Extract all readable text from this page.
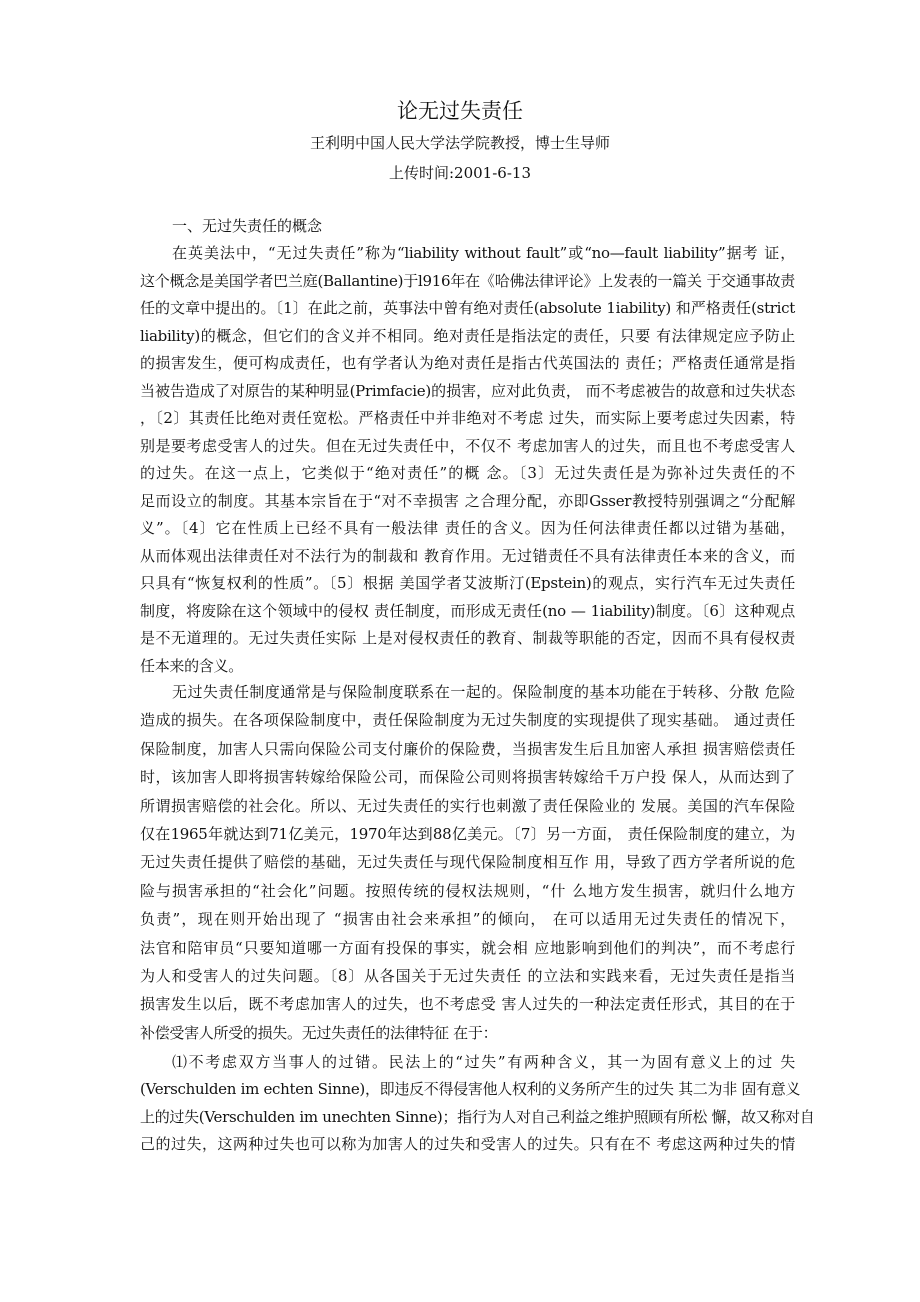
论无过失责任
王利明中国人民大学法学院教授，博士生导师
上传时间:2001-6-13
一、无过失责任的概念
在英美法中，“无过失责任”称为“liability without fault”或“no—fault liability”据考 证，
这个概念是美国学者巴兰庭(Ballantine)于l916年在《哈佛法律评论》上发表的一篇关 于交通事故责
任的文章中提出的。〔1〕在此之前，英事法中曾有绝对责任(absolute 1iability) 和严格责任(strict
liability)的概念，但它们的含义并不相同。绝对责任是指法定的责任，只要 有法律规定应予防止
的损害发生，便可构成责任，也有学者认为绝对责任是指古代英国法的 责任；严格责任通常是指
当被告造成了对原告的某种明显(Primfacie)的损害，应对此负责， 而不考虑被告的故意和过失状态
，〔2〕其责任比绝对责任宽松。严格责任中并非绝对不考虑 过失，而实际上要考虑过失因素，特
别是要考虑受害人的过失。但在无过失责任中，不仅不 考虑加害人的过失，而且也不考虑受害人
的过失。在这一点上，它类似于“绝对责任”的概 念。〔3〕无过失责任是为弥补过失责任的不
足而设立的制度。其基本宗旨在于“对不幸损害 之合理分配，亦即Gsser教授特别强调之“分配解
义”。〔4〕它在性质上已经不具有一般法律 责任的含义。因为任何法律责任都以过错为基础，
从而体观出法律责任对不法行为的制裁和 教育作用。无过错责任不具有法律责任本来的含义，而
只具有“恢复权利的性质”。〔5〕根据 美国学者艾波斯汀(Epstein)的观点，实行汽车无过失责任
制度，将废除在这个领域中的侵权 责任制度，而形成无责任(no — 1iability)制度。〔6〕这种观点
是不无道理的。无过失责任实际 上是对侵权责任的教育、制裁等职能的否定，因而不具有侵权责
任本来的含义。
无过失责任制度通常是与保险制度联系在一起的。保险制度的基本功能在于转移、分散 危险
造成的损失。在各项保险制度中，责任保险制度为无过失制度的实现提供了现实基础。 通过责任
保险制度，加害人只需向保险公司支付廉价的保险费，当损害发生后且加密人承担 损害赔偿责任
时，该加害人即将损害转嫁给保险公司，而保险公司则将损害转嫁给千万户投 保人，从而达到了
所谓损害赔偿的社会化。所以、无过失责任的实行也刺激了责任保险业的 发展。美国的汽车保险
仅在1965年就达到71亿美元，1970年达到88亿美元。〔7〕另一方面， 责任保险制度的建立，为
无过失责任提供了赔偿的基础，无过失责任与现代保险制度相互作 用，导致了西方学者所说的危
险与损害承担的“社会化”问题。按照传统的侵权法规则，“什 么地方发生损害，就归什么地方
负责”，现在则开始出现了 “损害由社会来承担”的倾向， 在可以适用无过失责任的情况下，
法官和陪审员“只要知道哪一方面有投保的事实，就会相 应地影响到他们的判决”，而不考虑行
为人和受害人的过失问题。〔8〕从各国关于无过失责任 的立法和实践来看，无过失责任是指当
损害发生以后，既不考虑加害人的过失，也不考虑受 害人过失的一种法定责任形式，其目的在于
补偿受害人所受的损失。无过失责任的法律特征 在于：
⑴不考虑双方当事人的过错。民法上的“过失”有两种含义，其一为固有意义上的过 失
(Verschulden im echten Sinne)，即违反不得侵害他人权利的义务所产生的过失 其二为非 固有意义
上的过失(Verschulden im unechten Sinne)；指行为人对自己利益之维护照顾有所松 懈，故又称对自
己的过失，这两种过失也可以称为加害人的过失和受害人的过失。只有在不 考虑这两种过失的情
